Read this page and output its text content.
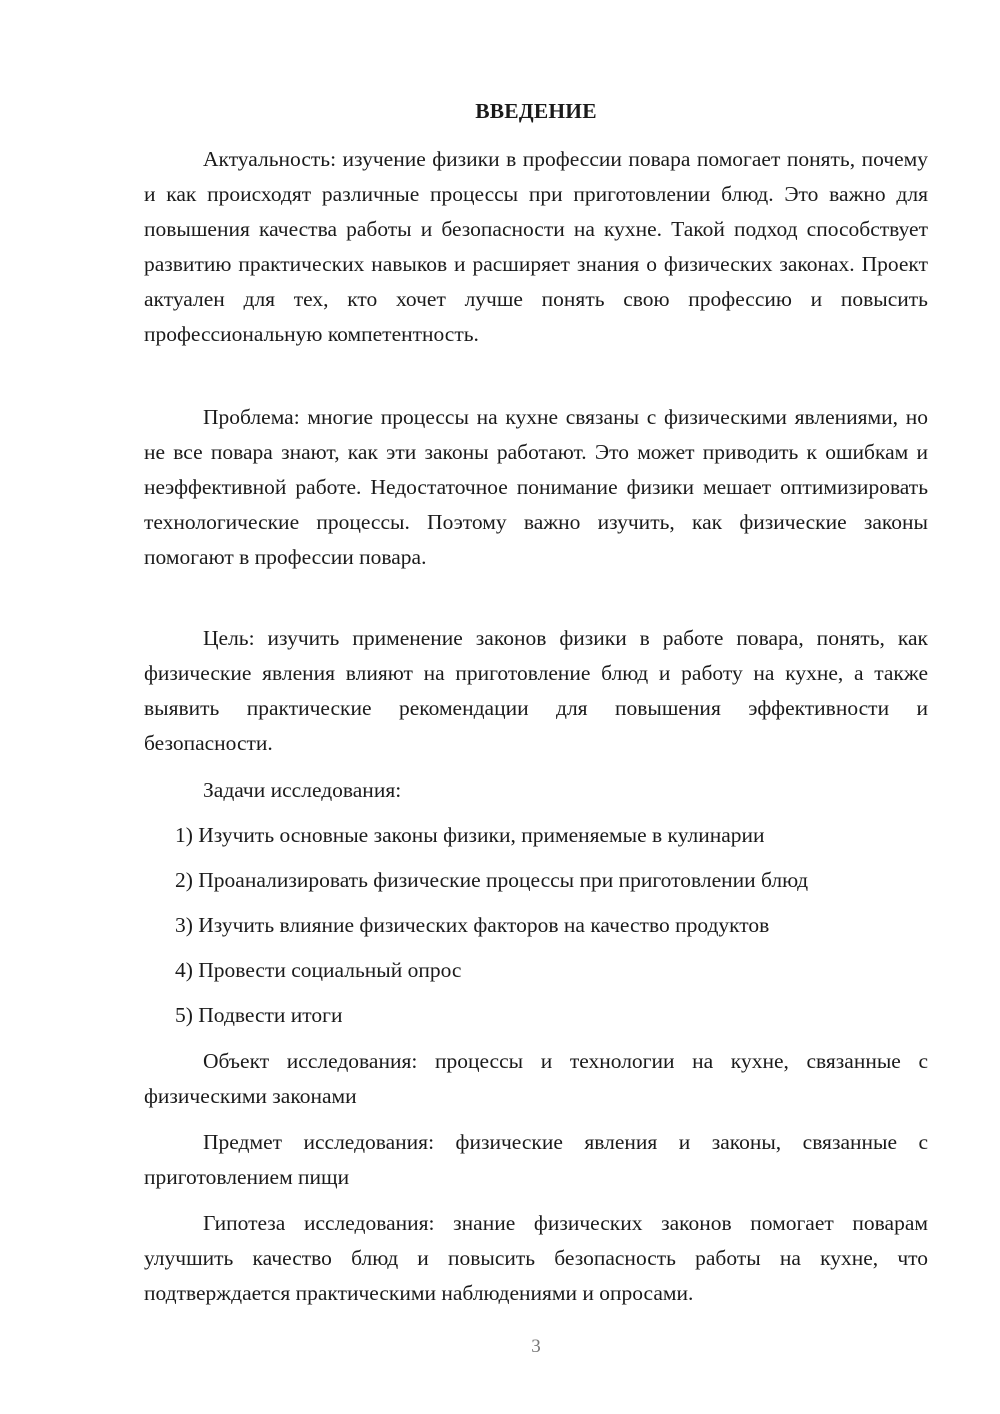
ВВЕДЕНИЕ

Актуальность: изучение физики в профессии повара помогает понять, почему и как происходят различные процессы при приготовлении блюд. Это важно для повышения качества работы и безопасности на кухне. Такой подход способствует развитию практических навыков и расширяет знания о физических законах. Проект актуален для тех, кто хочет лучше понять свою профессию и повысить профессиональную компетентность.

Проблема: многие процессы на кухне связаны с физическими явлениями, но не все повара знают, как эти законы работают. Это может приводить к ошибкам и неэффективной работе. Недостаточное понимание физики мешает оптимизировать технологические процессы. Поэтому важно изучить, как физические законы помогают в профессии повара.

Цель: изучить применение законов физики в работе повара, понять, как физические явления влияют на приготовление блюд и работу на кухне, а также выявить практические рекомендации для повышения эффективности и безопасности.

Задачи исследования:

1) Изучить основные законы физики, применяемые в кулинарии
2) Проанализировать физические процессы при приготовлении блюд
3) Изучить влияние физических факторов на качество продуктов
4) Провести социальный опрос
5) Подвести итоги

Объект исследования: процессы и технологии на кухне, связанные с физическими законами

Предмет исследования: физические явления и законы, связанные с приготовлением пищи

Гипотеза исследования: знание физических законов помогает поварам улучшить качество блюд и повысить безопасность работы на кухне, что подтверждается практическими наблюдениями и опросами.

3
